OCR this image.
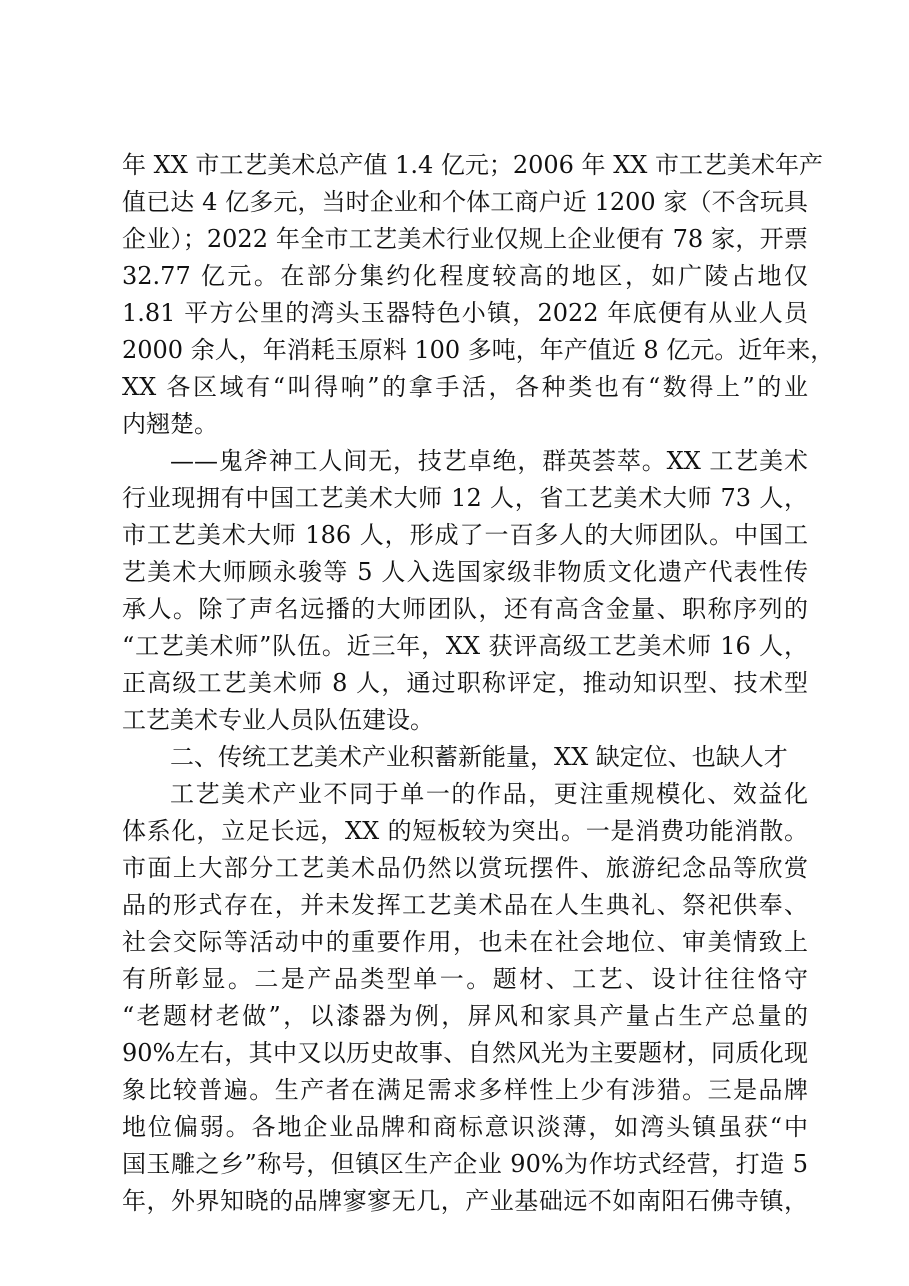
年 XX 市工艺美术总产值 1.4 亿元；2006 年 XX 市工艺美术年产
值已达 4 亿多元，当时企业和个体工商户近 1200 家（不含玩具
企业）；2022 年全市工艺美术行业仅规上企业便有 78 家，开票
32.77 亿元。在部分集约化程度较高的地区，如广陵占地仅
1.81 平方公里的湾头玉器特色小镇，2022 年底便有从业人员
2000 余人，年消耗玉原料 100 多吨，年产值近 8 亿元。近年来，
XX 各区域有“叫得响”的拿手活，各种类也有“数得上”的业
内翘楚。
——鬼斧神工人间无，技艺卓绝，群英荟萃。XX 工艺美术
行业现拥有中国工艺美术大师 12 人，省工艺美术大师 73 人，
市工艺美术大师 186 人，形成了一百多人的大师团队。中国工
艺美术大师顾永骏等 5 人入选国家级非物质文化遗产代表性传
承人。除了声名远播的大师团队，还有高含金量、职称序列的
“工艺美术师”队伍。近三年，XX 获评高级工艺美术师 16 人，
正高级工艺美术师 8 人，通过职称评定，推动知识型、技术型
工艺美术专业人员队伍建设。
二、传统工艺美术产业积蓄新能量，XX 缺定位、也缺人才
工艺美术产业不同于单一的作品，更注重规模化、效益化
体系化，立足长远，XX 的短板较为突出。一是消费功能消散。
市面上大部分工艺美术品仍然以赏玩摆件、旅游纪念品等欣赏
品的形式存在，并未发挥工艺美术品在人生典礼、祭祀供奉、
社会交际等活动中的重要作用，也未在社会地位、审美情致上
有所彰显。二是产品类型单一。题材、工艺、设计往往恪守
“老题材老做”，以漆器为例，屏风和家具产量占生产总量的
90%左右，其中又以历史故事、自然风光为主要题材，同质化现
象比较普遍。生产者在满足需求多样性上少有涉猎。三是品牌
地位偏弱。各地企业品牌和商标意识淡薄，如湾头镇虽获“中
国玉雕之乡”称号，但镇区生产企业 90%为作坊式经营，打造 5
年，外界知晓的品牌寥寥无几，产业基础远不如南阳石佛寺镇，
